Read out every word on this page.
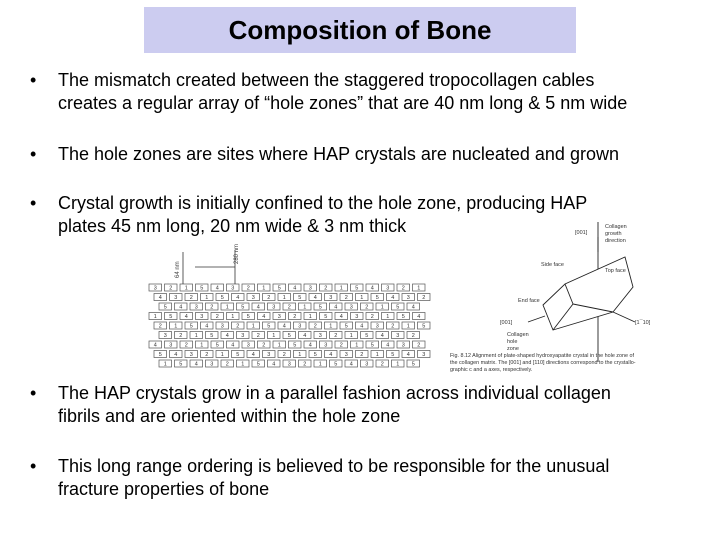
Composition of Bone
• The mismatch created between the staggered tropocollagen cables
creates a regular array of “hole zones” that are 40 nm long & 5 nm wide
• The hole zones are sites where HAP crystals are nucleated and grown
• Crystal growth is initially confined to the hole zone, producing HAP
plates 45 nm long, 20 nm wide & 3 nm thick
3 2 1 5 4 3 2 1 5 4 3 2 1 5 4 3 2 1
4 3 2 1 5 4 3 2 1 5 4 3 2 1 5 4 3 2
5 4 3 2 1 5 4 3 2 1 5 4 3 2 1 5 4
1 5 4 3 2 1 5 4 3 2 1 5 4 3 2 1 5 4
2 1 5 4 3 2 1 5 4 3 2 1 5 4 3 2 1 5
3 2 1 5 4 3 2 1 5 4 3 2 1 5 4 3 2
4 3 2 1 5 4 3 2 1 5 4 3 2 1 5 4 3 2
5 4 3 2 1 5 4 3 2 1 5 4 3 2 1 5 4 3
1 5 4 3 2 1 5 4 3 2 1 5 4 3 2 1 5
64 nm
280 nm
[001]
Collagen
growth
direction
Side face
Top face
End face
[001]
Collagen
hole
zone
[1¯10]
Fig. 8.12 Alignment of plate-shaped hydroxyapatite crystal in the hole zone of
the collagen matrix. The [001] and [110] directions correspond to the crystallo-
graphic c and a axes, respectively.
• The HAP crystals grow in a parallel fashion across individual collagen
fibrils and are oriented within the hole zone
• This long range ordering is believed to be responsible for the unusual
fracture properties of bone
